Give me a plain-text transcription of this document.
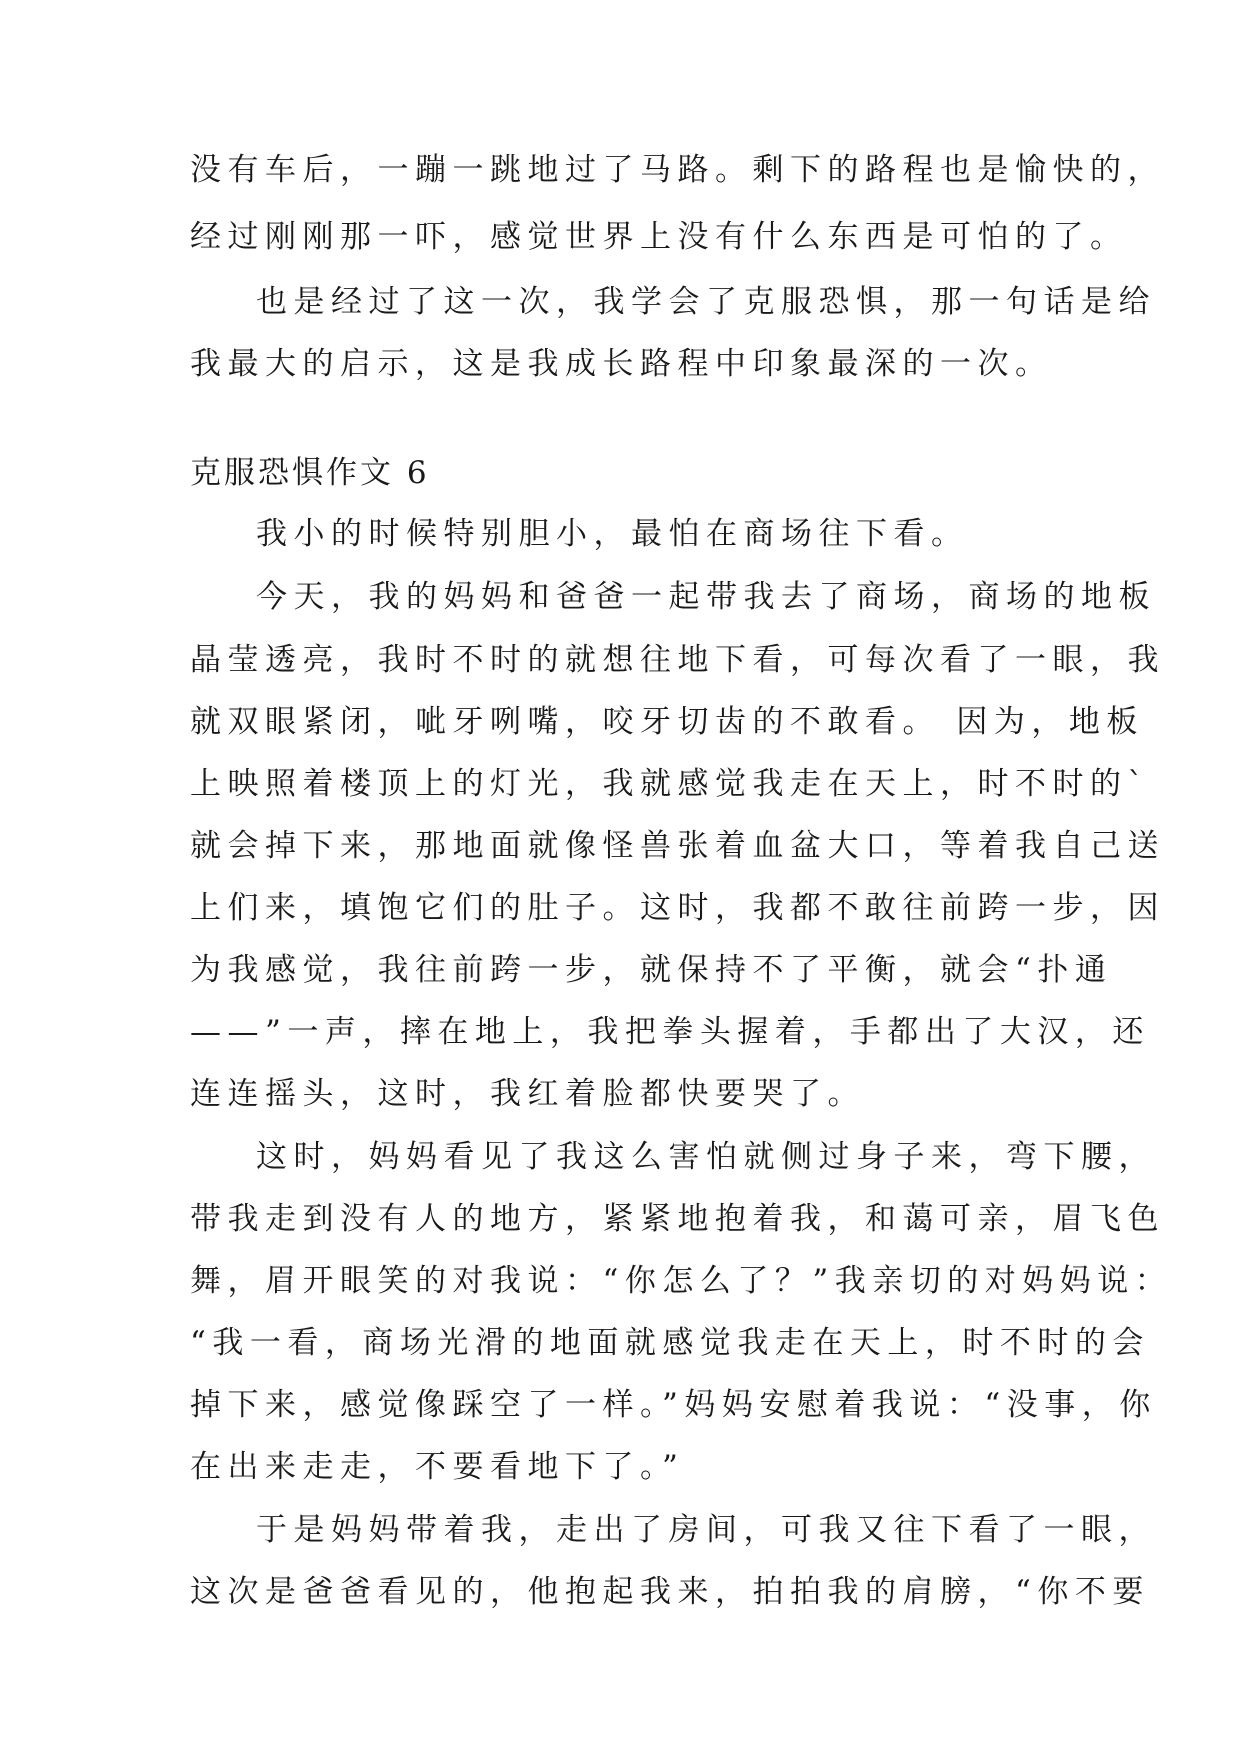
没有车后，一蹦一跳地过了马路。剩下的路程也是愉快的，
经过刚刚那一吓，感觉世界上没有什么东西是可怕的了。
也是经过了这一次，我学会了克服恐惧，那一句话是给
我最大的启示，这是我成长路程中印象最深的一次。
克服恐惧作文 6
我小的时候特别胆小，最怕在商场往下看。
今天，我的妈妈和爸爸一起带我去了商场，商场的地板
晶莹透亮，我时不时的就想往地下看，可每次看了一眼，我
就双眼紧闭，呲牙咧嘴，咬牙切齿的不敢看。 因为，地板
上映照着楼顶上的灯光，我就感觉我走在天上，时不时的`
就会掉下来，那地面就像怪兽张着血盆大口，等着我自己送
上们来，填饱它们的肚子。这时，我都不敢往前跨一步，因
为我感觉，我往前跨一步，就保持不了平衡，就会“扑通
——”一声，摔在地上，我把拳头握着，手都出了大汉，还
连连摇头，这时，我红着脸都快要哭了。
这时，妈妈看见了我这么害怕就侧过身子来，弯下腰，
带我走到没有人的地方，紧紧地抱着我，和蔼可亲，眉飞色
舞，眉开眼笑的对我说：“你怎么了？”我亲切的对妈妈说：
“我一看，商场光滑的地面就感觉我走在天上，时不时的会
掉下来，感觉像踩空了一样。”妈妈安慰着我说：“没事，你
在出来走走，不要看地下了。”
于是妈妈带着我，走出了房间，可我又往下看了一眼，
这次是爸爸看见的，他抱起我来，拍拍我的肩膀，“你不要
